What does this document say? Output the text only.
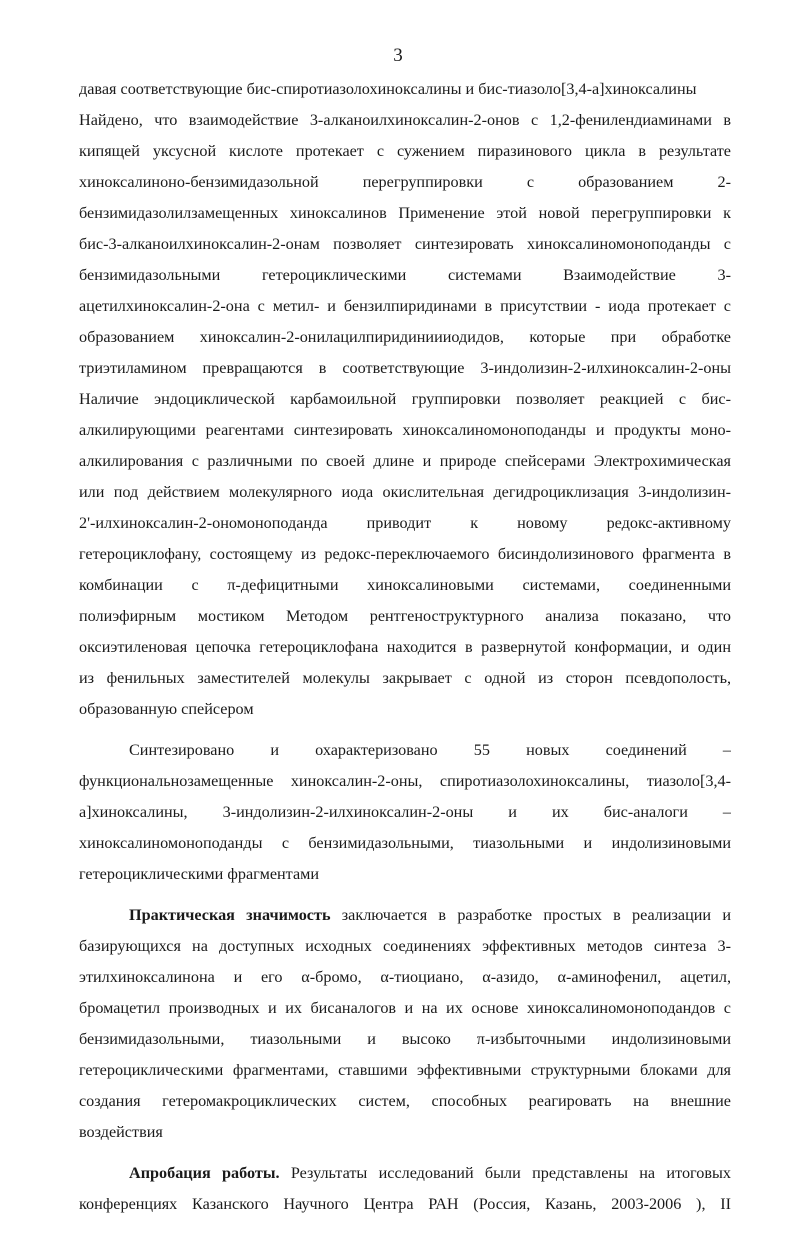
3
давая соответствующие бис-спиротиазолохиноксалины и бис-тиазоло[3,4-a]хиноксалины
Найдено, что взаимодействие 3-алканоилхиноксалин-2-онов с 1,2-фенилендиаминами в
кипящей уксусной кислоте протекает с сужением пиразинового цикла в результате
хиноксалиноно-бензимидазольной перегруппировки с образованием 2-
бензимидазолилзамещенных хиноксалинов Применение этой новой перегруппировки к
бис-3-алканоилхиноксалин-2-онам позволяет синтезировать хиноксалиномоноподанды с
бензимидазольными гетероциклическими системами Взаимодействие 3-
ацетилхиноксалин-2-она с метил- и бензилпиридинами в присутствии - иода протекает с
образованием хиноксалин-2-онилацилпиридиниииодидов, которые при обработке
триэтиламином превращаются в соответствующие 3-индолизин-2-илхиноксалин-2-оны
Наличие эндоциклической карбамоильной группировки позволяет реакцией с бис-
алкилирующими реагентами синтезировать хиноксалиномоноподанды и продукты моно-
алкилирования с различными по своей длине и природе спейсерами Электрохимическая
или под действием молекулярного иода окислительная дегидроциклизация 3-индолизин-
2'-илхиноксалин-2-ономоноподанда приводит к новому редокс-активному
гетероциклофану, состоящему из редокс-переключаемого бисиндолизинового фрагмента в
комбинации с π-дефицитными хиноксалиновыми системами, соединенными
полиэфирным мостиком Методом рентгеноструктурного анализа показано, что
оксиэтиленовая цепочка гетероциклофана находится в развернутой конформации, и один
из фенильных заместителей молекулы закрывает с одной из сторон псевдополость,
образованную спейсером
Синтезировано и охарактеризовано 55 новых соединений –
функциональнозамещенные хиноксалин-2-оны, спиротиазолохиноксалины, тиазоло[3,4-
a]хиноксалины, 3-индолизин-2-илхиноксалин-2-оны и их бис-аналоги –
хиноксалиномоноподанды с бензимидазольными, тиазольными и индолизиновыми
гетероциклическими фрагментами
Практическая значимость заключается в разработке простых в реализации и
базирующихся на доступных исходных соединениях эффективных методов синтеза 3-
этилхиноксалинона и его α-бромо, α-тиоциано, α-азидо, α-аминофенил, ацетил,
бромацетил производных и их бисаналогов и на их основе хиноксалиномоноподандов с
бензимидазольными, тиазольными и высоко π-избыточными индолизиновыми
гетероциклическими фрагментами, ставшими эффективными структурными блоками для
создания гетеромакроциклических систем, способных реагировать на внешние
воздействия
Апробация работы. Результаты исследований были представлены на итоговых
конференциях Казанского Научного Центра РАН (Россия, Казань, 2003-2006 ), II
